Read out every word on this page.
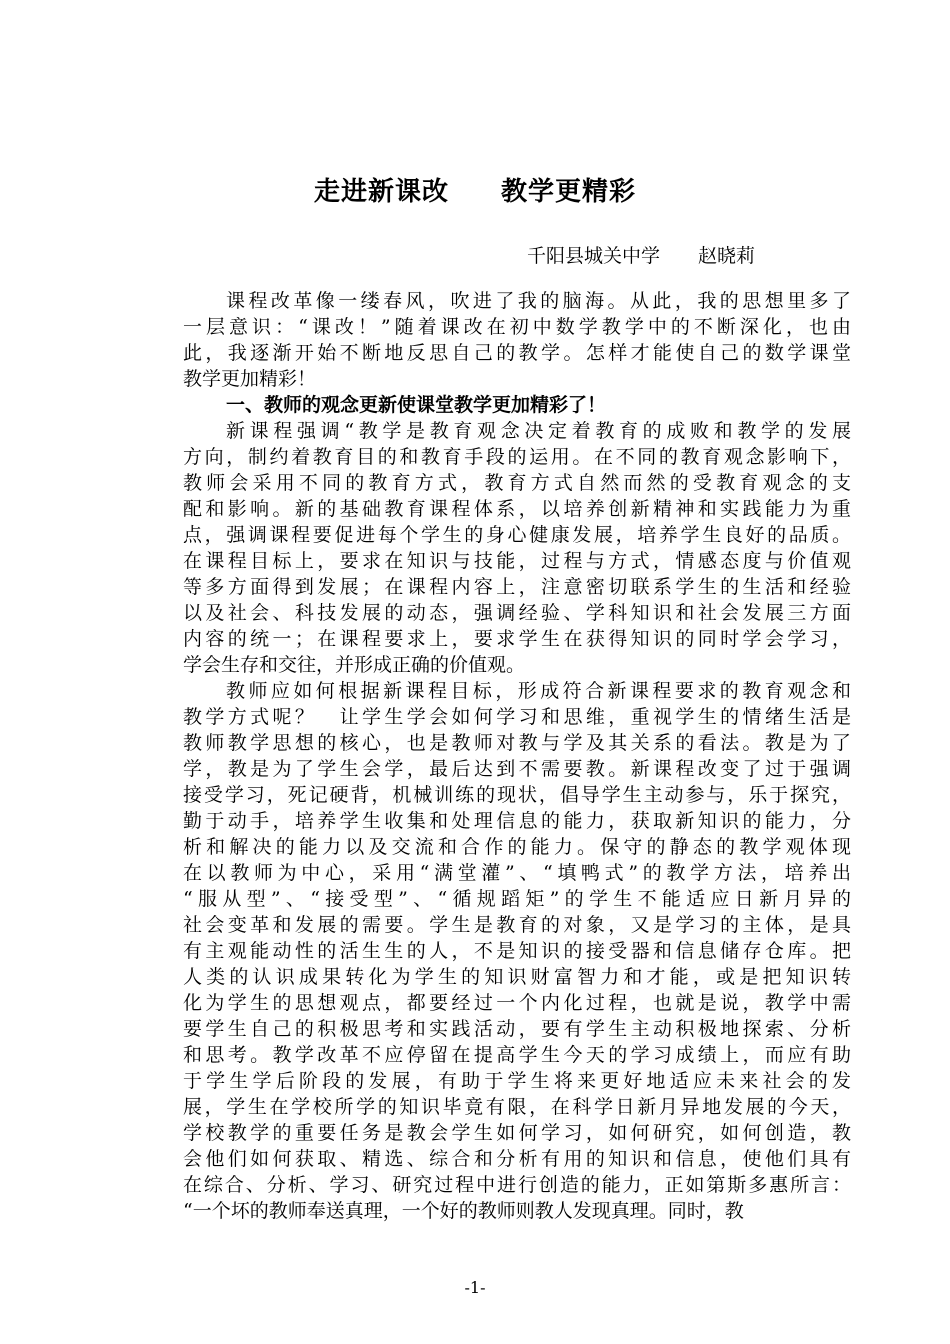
走进新课改 教学更精彩
千阳县城关中学 赵晓莉
课程改革像一缕春风，吹进了我的脑海。从此，我的思想里多了
一层意识：“课改！”随着课改在初中数学教学中的不断深化，也由
此，我逐渐开始不断地反思自己的教学。怎样才能使自己的数学课堂
教学更加精彩！
一、教师的观念更新使课堂教学更加精彩了！
新课程强调“教学是教育观念决定着教育的成败和教学的发展
方向，制约着教育目的和教育手段的运用。在不同的教育观念影响下，
教师会采用不同的教育方式，教育方式自然而然的受教育观念的支
配和影响。新的基础教育课程体系，以培养创新精神和实践能力为重
点，强调课程要促进每个学生的身心健康发展，培养学生良好的品质。
在课程目标上，要求在知识与技能，过程与方式，情感态度与价值观
等多方面得到发展；在课程内容上，注意密切联系学生的生活和经验
以及社会、科技发展的动态，强调经验、学科知识和社会发展三方面
内容的统一；在课程要求上，要求学生在获得知识的同时学会学习，
学会生存和交往，并形成正确的价值观。
教师应如何根据新课程目标，形成符合新课程要求的教育观念和
教学方式呢？　让学生学会如何学习和思维，重视学生的情绪生活是
教师教学思想的核心，也是教师对教与学及其关系的看法。教是为了
学，教是为了学生会学，最后达到不需要教。新课程改变了过于强调
接受学习，死记硬背，机械训练的现状，倡导学生主动参与，乐于探究，
勤于动手，培养学生收集和处理信息的能力，获取新知识的能力，分
析和解决的能力以及交流和合作的能力。保守的静态的教学观体现
在以教师为中心，采用“满堂灌”、“填鸭式”的教学方法，培养出
“服从型”、“接受型”、“循规蹈矩”的学生不能适应日新月异的
社会变革和发展的需要。学生是教育的对象，又是学习的主体，是具
有主观能动性的活生生的人，不是知识的接受器和信息储存仓库。把
人类的认识成果转化为学生的知识财富智力和才能，或是把知识转
化为学生的思想观点，都要经过一个内化过程，也就是说，教学中需
要学生自己的积极思考和实践活动，要有学生主动积极地探索、分析
和思考。教学改革不应停留在提高学生今天的学习成绩上，而应有助
于学生学后阶段的发展，有助于学生将来更好地适应未来社会的发
展，学生在学校所学的知识毕竟有限，在科学日新月异地发展的今天，
学校教学的重要任务是教会学生如何学习，如何研究，如何创造，教
会他们如何获取、精选、综合和分析有用的知识和信息，使他们具有
在综合、分析、学习、研究过程中进行创造的能力，正如第斯多惠所言：
“一个坏的教师奉送真理，一个好的教师则教人发现真理。同时，教
-1-
